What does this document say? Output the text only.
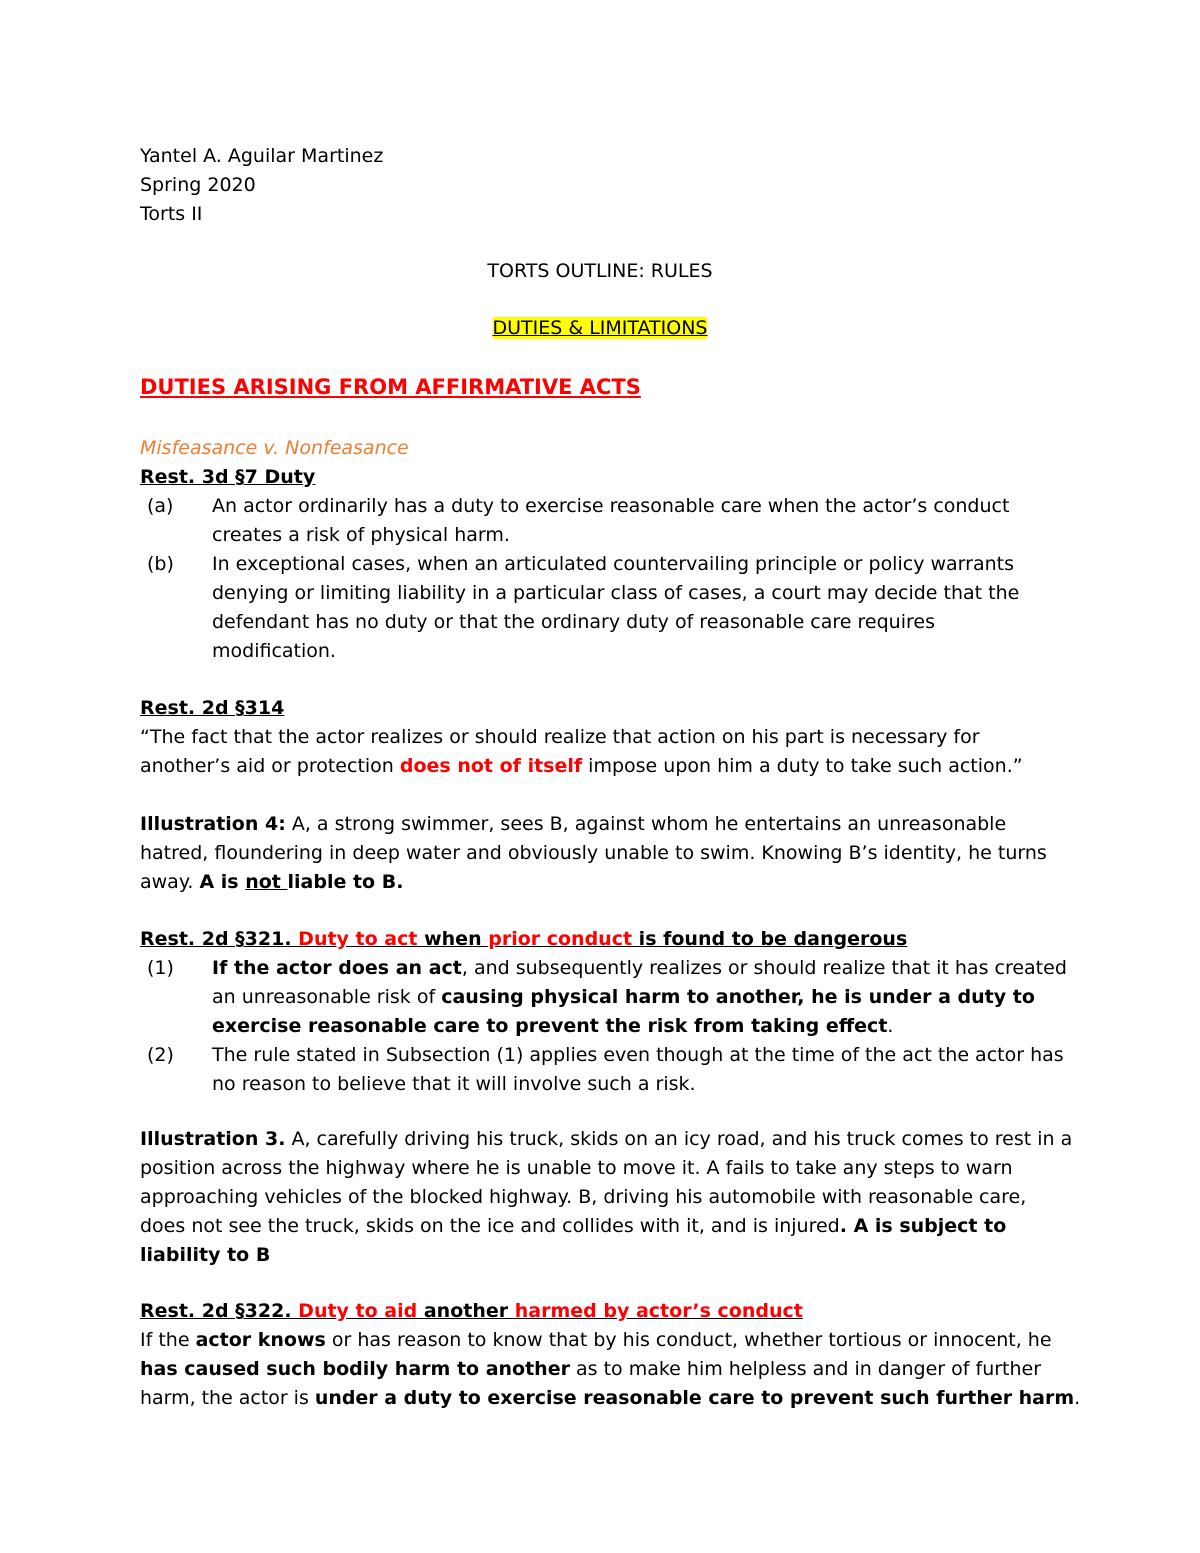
Yantel A. Aguilar Martinez
Spring 2020
Torts II
TORTS OUTLINE: RULES
DUTIES & LIMITATIONS
DUTIES ARISING FROM AFFIRMATIVE ACTS
Misfeasance v. Nonfeasance
Rest. 3d §7 Duty
(a) An actor ordinarily has a duty to exercise reasonable care when the actor’s conduct
creates a risk of physical harm.
(b) In exceptional cases, when an articulated countervailing principle or policy warrants
denying or limiting liability in a particular class of cases, a court may decide that the
defendant has no duty or that the ordinary duty of reasonable care requires
modification.
Rest. 2d §314
“The fact that the actor realizes or should realize that action on his part is necessary for
another’s aid or protection does not of itself impose upon him a duty to take such action.”
Illustration 4: A, a strong swimmer, sees B, against whom he entertains an unreasonable
hatred, floundering in deep water and obviously unable to swim. Knowing B’s identity, he turns
away. A is not liable to B.
Rest. 2d §321. Duty to act when prior conduct is found to be dangerous
(1) If the actor does an act, and subsequently realizes or should realize that it has created
an unreasonable risk of causing physical harm to another, he is under a duty to
exercise reasonable care to prevent the risk from taking effect.
(2) The rule stated in Subsection (1) applies even though at the time of the act the actor has
no reason to believe that it will involve such a risk.
Illustration 3. A, carefully driving his truck, skids on an icy road, and his truck comes to rest in a
position across the highway where he is unable to move it. A fails to take any steps to warn
approaching vehicles of the blocked highway. B, driving his automobile with reasonable care,
does not see the truck, skids on the ice and collides with it, and is injured. A is subject to
liability to B
Rest. 2d §322. Duty to aid another harmed by actor’s conduct
If the actor knows or has reason to know that by his conduct, whether tortious or innocent, he
has caused such bodily harm to another as to make him helpless and in danger of further
harm, the actor is under a duty to exercise reasonable care to prevent such further harm.
